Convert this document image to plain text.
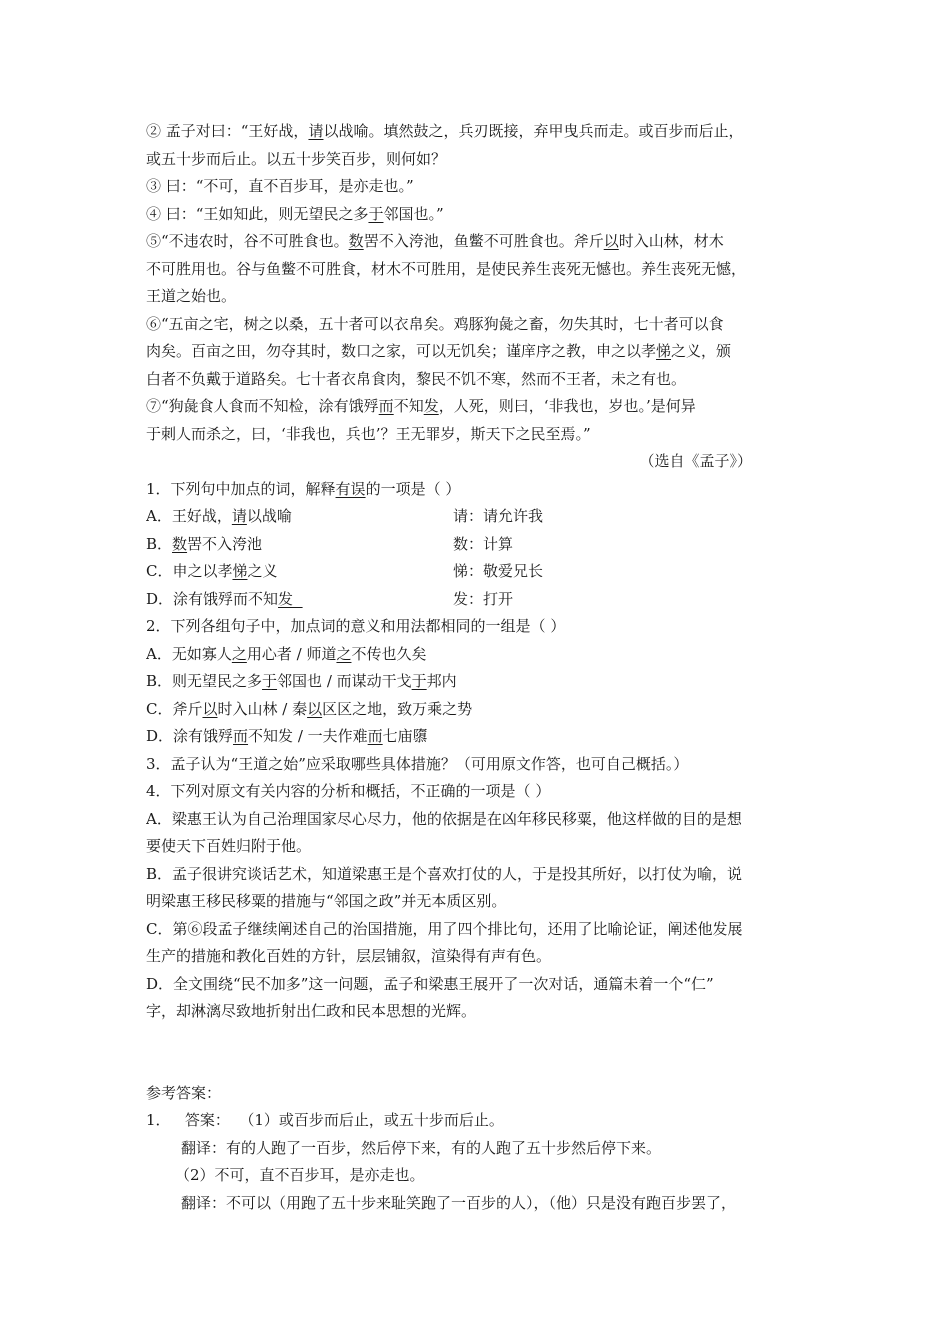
② 孟子对曰：“王好战，请以战喻。填然鼓之，兵刃既接，弃甲曳兵而走。或百步而后止，
或五十步而后止。以五十步笑百步，则何如？
③ 曰：“不可，直不百步耳，是亦走也。”
④ 曰：“王如知此，则无望民之多于邻国也。”
⑤“不违农时，谷不可胜食也。数罟不入洿池，鱼鳖不可胜食也。斧斤以时入山林，材木
不可胜用也。谷与鱼鳖不可胜食，材木不可胜用，是使民养生丧死无憾也。养生丧死无憾，
王道之始也。
⑥“五亩之宅，树之以桑，五十者可以衣帛矣。鸡豚狗彘之畜，勿失其时，七十者可以食
肉矣。百亩之田，勿夺其时，数口之家，可以无饥矣；谨庠序之教，申之以孝悌之义，颁
白者不负戴于道路矣。七十者衣帛食肉，黎民不饥不寒，然而不王者，未之有也。
⑦“狗彘食人食而不知检，涂有饿殍而不知发，人死，则曰，‘非我也，岁也。’是何异
于刺人而杀之，曰，‘非我也，兵也’？王无罪岁，斯天下之民至焉。”
（选自《孟子》）
1．下列句中加点的词，解释有误的一项是（ ）
A．王好战，请以战喻	请：请允许我
B．数罟不入洿池	数：计算
C．申之以孝悌之义	悌：敬爱兄长
D．涂有饿殍而不知发	发：打开
2．下列各组句子中，加点词的意义和用法都相同的一组是（ ）
A．无如寡人之用心者 / 师道之不传也久矣
B．则无望民之多于邻国也 / 而谋动干戈于邦内
C．斧斤以时入山林 / 秦以区区之地，致万乘之势
D．涂有饿殍而不知发 / 一夫作难而七庙隳
3．孟子认为“王道之始”应采取哪些具体措施？（可用原文作答，也可自己概括。）
4．下列对原文有关内容的分析和概括，不正确的一项是（ ）
A．梁惠王认为自己治理国家尽心尽力，他的依据是在凶年移民移粟，他这样做的目的是想
要使天下百姓归附于他。
B．孟子很讲究谈话艺术，知道梁惠王是个喜欢打仗的人，于是投其所好，以打仗为喻，说
明梁惠王移民移粟的措施与“邻国之政”并无本质区别。
C．第⑥段孟子继续阐述自己的治国措施，用了四个排比句，还用了比喻论证，阐述他发展
生产的措施和教化百姓的方针，层层铺叙，渲染得有声有色。
D．全文围绕“民不加多”这一问题，孟子和梁惠王展开了一次对话，通篇未着一个“仁”
字，却淋漓尽致地折射出仁政和民本思想的光辉。
参考答案：
1．   答案：  （1）或百步而后止，或五十步而后止。
翻译：有的人跑了一百步，然后停下来，有的人跑了五十步然后停下来。
（2）不可，直不百步耳，是亦走也。
翻译：不可以（用跑了五十步来耻笑跑了一百步的人），（他）只是没有跑百步罢了，
